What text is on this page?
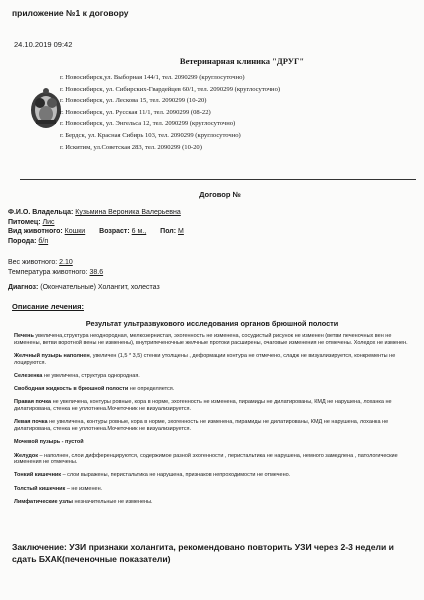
приложение №1 к договору
24.10.2019 09:42
Ветеринарная клиника "ДРУГ"
г. Новосибирск,ул. Выборная 144/1, тел. 2090299 (круглосуточно)
г. Новосибирск, ул. Сибирских-Гвардейцев 60/1, тел. 2090299 (круглосуточно)
г. Новосибирск, ул. Лескова 15, тел. 2090299 (10-20)
г. Новосибирск, ул. Русская 11/1, тел. 2090299 (08-22)
г. Новосибирск, ул. Энгельса 12, тел. 2090299 (круглосуточно)
г. Бердск, ул. Красная Сибирь 103, тел. 2090299 (круглосуточно)
г. Искитим, ул.Советская 283, тел. 2090299 (10-20)
Договор №
Ф.И.О. Владельца: Кузьмина Вероника Валерьевна
Питомец: Лис
Вид животного: Кошки Возраст: 6 м., Пол: М
Порода: б/п
Вес животного: 2.10
Температура животного: 38.6
Диагноз: (Окончательные) Холангит, холестаз
Описание лечения:
Результат ультразвукового исследования органов брюшной полости
Печень увеличена,структура неоднородная, мелкозернистая, эхогенность не изменена, сосудистый рисунок не изменен (ветви печеночных вен не изменены, ветви воротной вены не изменены), внутрипеченочные желчные протоки расширены, очаговые изменения не отмечены. Холедох не изменен.
Желчный пузырь наполнен, увеличен (1,5 * 3,5) стенки утолщены , деформации контура не отмечено, сладж не визуализируется, конкременты не лоцируются.
Селезенка не увеличена, структура однородная.
Свободная жидкость в брюшной полости не определяется.
Правая почка не увеличена, контуры ровные, кора в норме, эхогенность не изменена, пирамиды не дилатированы, КМД не нарушена, лоханка не дилатирована, стенка не уплотнена.Мочеточник не визуализируется.
Левая почка не увеличена, контуры ровные, кора в норме, эхогенность не изменена, пирамиды не дилатированы, КМД не нарушена, лоханка не дилатирована, стенка не уплотнена.Мочеточник не визуализируется.
Мочевой пузырь - пустой
Желудок – наполнен, слои дифференцируются, содержимое разной эхогенности , перистальтика не нарушена, немного замедлена , патологические изменения не отмечены.
Тонкий кишечник – слои выражены, перистальтика не нарушена, признаков непроходимости не отмечено.
Толстый кишечник – не изменен.
Лимфатические узлы незначительные не изменены.
Заключение: УЗИ признаки холангита, рекомендовано повторить УЗИ через 2-3 недели и сдать БХАК(печеночные показатели)
